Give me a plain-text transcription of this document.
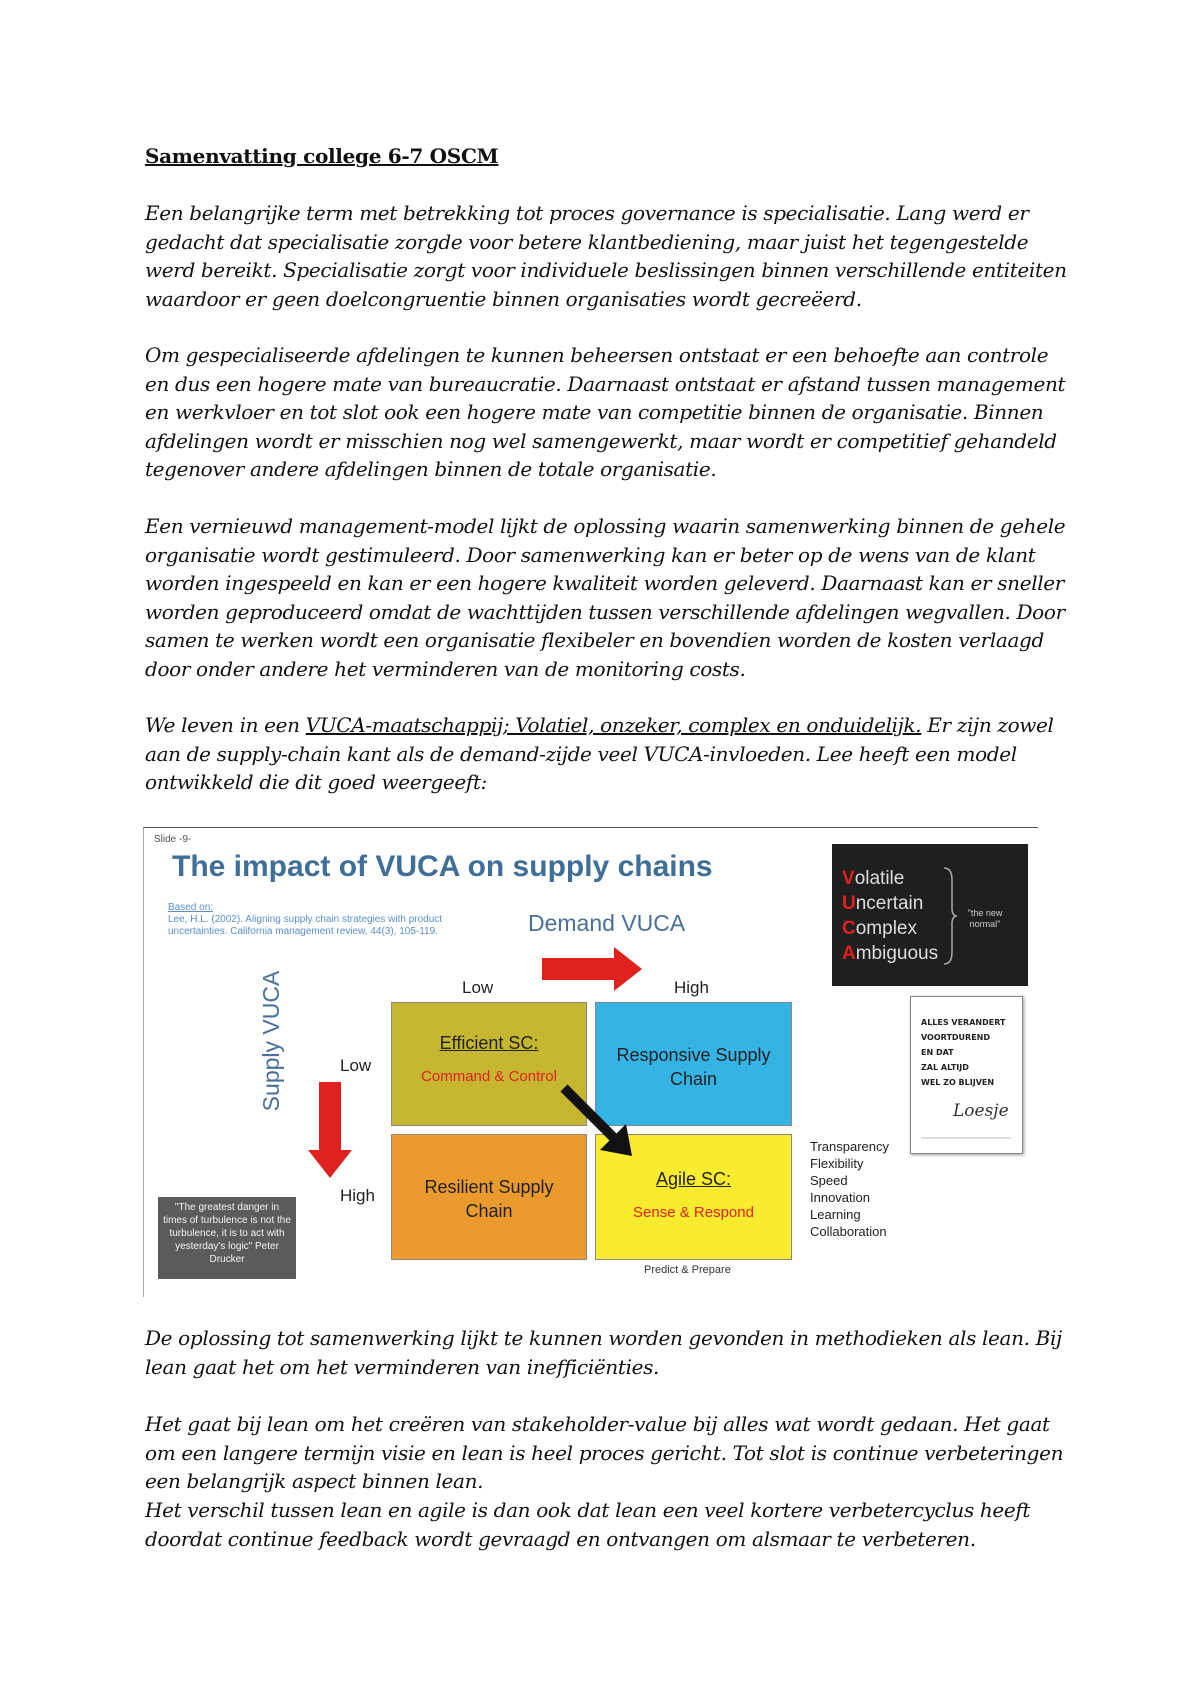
Samenvatting college 6-7 OSCM

Een belangrijke term met betrekking tot proces governance is specialisatie. Lang werd er gedacht dat specialisatie zorgde voor betere klantbediening, maar juist het tegengestelde werd bereikt. Specialisatie zorgt voor individuele beslissingen binnen verschillende entiteiten waardoor er geen doelcongruentie binnen organisaties wordt gecreëerd.

Om gespecialiseerde afdelingen te kunnen beheersen ontstaat er een behoefte aan controle en dus een hogere mate van bureaucratie. Daarnaast ontstaat er afstand tussen management en werkvloer en tot slot ook een hogere mate van competitie binnen de organisatie. Binnen afdelingen wordt er misschien nog wel samengewerkt, maar wordt er competitief gehandeld tegenover andere afdelingen binnen de totale organisatie.

Een vernieuwd management-model lijkt de oplossing waarin samenwerking binnen de gehele organisatie wordt gestimuleerd. Door samenwerking kan er beter op de wens van de klant worden ingespeeld en kan er een hogere kwaliteit worden geleverd. Daarnaast kan er sneller worden geproduceerd omdat de wachttijden tussen verschillende afdelingen wegvallen. Door samen te werken wordt een organisatie flexibeler en bovendien worden de kosten verlaagd door onder andere het verminderen van de monitoring costs.

We leven in een VUCA-maatschappij; Volatiel, onzeker, complex en onduidelijk. Er zijn zowel aan de supply-chain kant als de demand-zijde veel VUCA-invloeden. Lee heeft een model ontwikkeld die dit goed weergeeft:

Slide -9-
The impact of VUCA on supply chains
Based on:
Lee, H.L. (2002). Aligning supply chain strategies with product uncertainties. California management review, 44(3), 105-119.	Demand VUCA
Low	High
Supply VUCA	Low
High
Efficient SC:
Command & Control
Responsive Supply Chain
Resilient Supply Chain
Agile SC:
Sense & Respond
Predict & Prepare
Volatile
Uncertain
Complex
Ambiguous
"the new normal"
ALLES VERANDERT
VOORTDUREND
EN DAT
ZAL ALTIJD
WEL ZO BLIJVEN
Loesje
"The greatest danger in times of turbulence is not the turbulence, it is to act with yesterday's logic" Peter Drucker
Transparency
Flexibility
Speed
Innovation
Learning
Collaboration

De oplossing tot samenwerking lijkt te kunnen worden gevonden in methodieken als lean. Bij lean gaat het om het verminderen van inefficiënties.

Het gaat bij lean om het creëren van stakeholder-value bij alles wat wordt gedaan. Het gaat om een langere termijn visie en lean is heel proces gericht. Tot slot is continue verbeteringen een belangrijk aspect binnen lean.

Het verschil tussen lean en agile is dan ook dat lean een veel kortere verbetercyclus heeft doordat continue feedback wordt gevraagd en ontvangen om alsmaar te verbeteren.
